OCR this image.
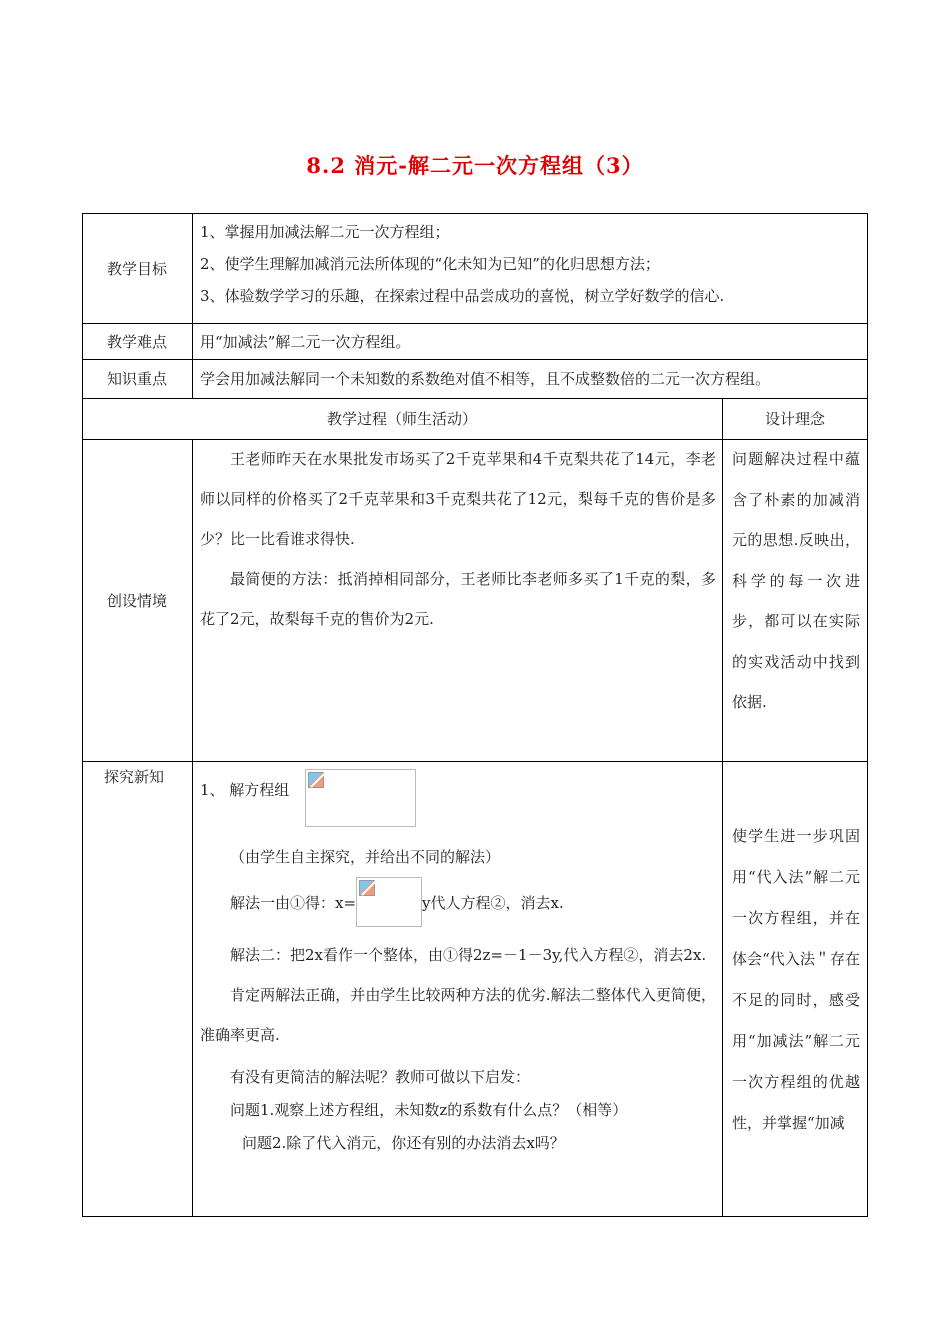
8.2 消元-解二元一次方程组（3）
教学目标

1、掌握用加减法解二元一次方程组；

2、使学生理解加减消元法所体现的“化未知为已知”的化归思想方法；

3、体验数学学习的乐趣，在探索过程中品尝成功的喜悦，树立学好数学的信心.

教学难点 用“加减法”解二元一次方程组。
知识重点 学会用加减法解同一个未知数的系数绝对值不相等，且不成整数倍的二元一次方程组。
教学过程（师生活动）	设计理念
创设情境

王老师昨天在水果批发市场买了2千克苹果和4千克梨共花了14元，李老师以同样的价格买了2千克苹果和3千克梨共花了12元，梨每千克的售价是多少？比一比看谁求得快.

最简便的方法：抵消掉相同部分，王老师比李老师多买了1千克的梨，多花了2元，故梨每千克的售价为2元.

问题解决过程中蕴含了朴素的加减消元的思想.反映出，科学的每一次进步，都可以在实际的实戏活动中找到依据.
探究新知
1、 解方程组

（由学生自主探究，并给出不同的解法）

解法一由①得：x=	y代人方程②，消去x.

解法二：把2x看作一个整体，由①得2z=－1－3y,代入方程②，消去2x.

肯定两解法正确，并由学生比较两种方法的优劣.解法二整体代入更简便，准确率更高.

有没有更简洁的解法呢？教师可做以下启发：

问题1.观察上述方程组，未知数z的系数有什么点？（相等）

问题2.除了代入消元，你还有别的办法消去x吗？

使学生进一步巩固用“代入法”解二元一次方程组，并在体会“代入法＂存在不足的同时，感受用“加减法”解二元一次方程组的优越性，并掌握“加减
